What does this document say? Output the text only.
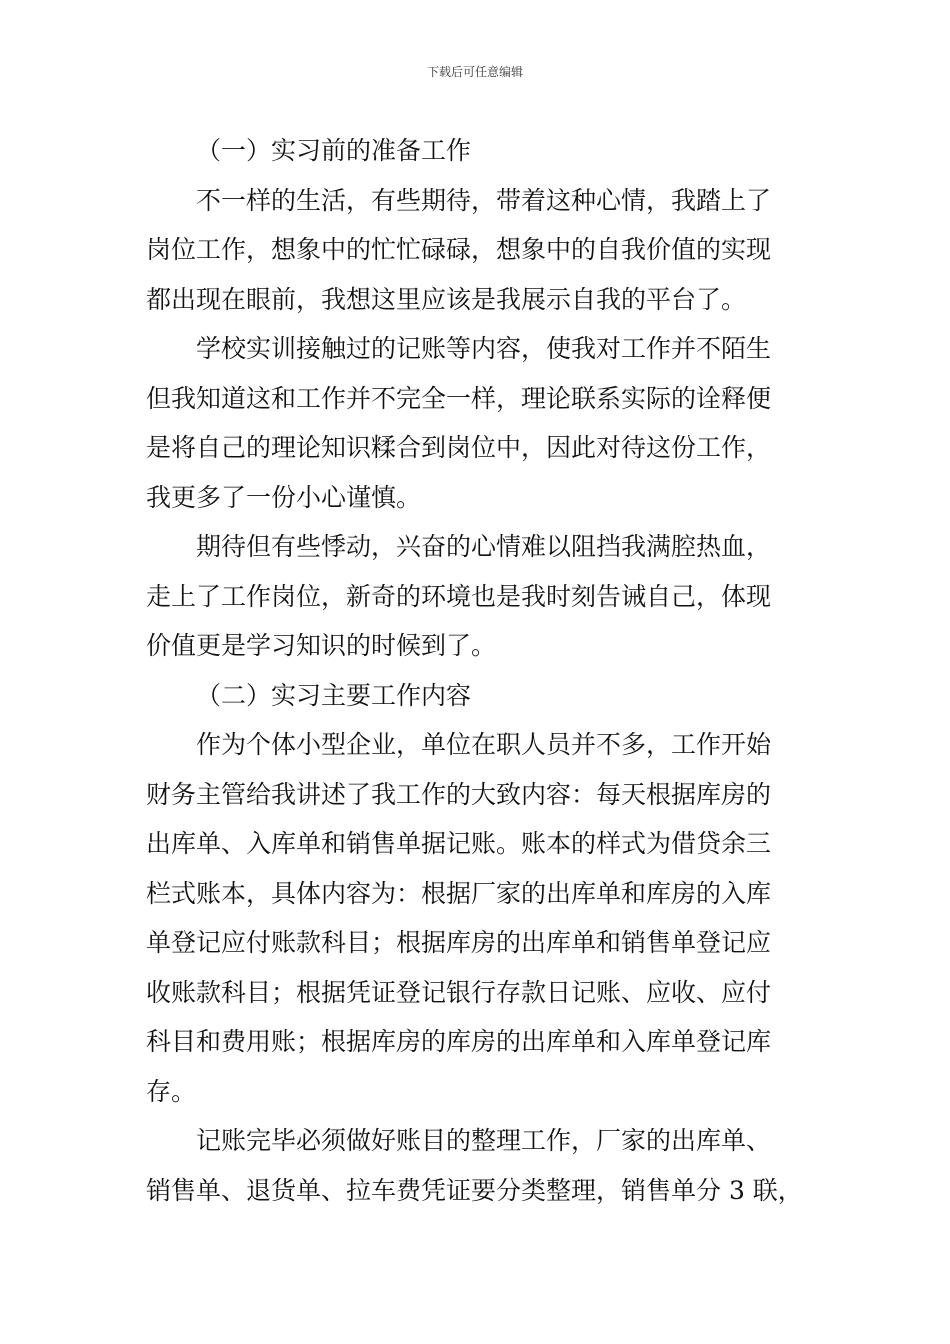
下载后可任意编辑
（一）实习前的准备工作
不一样的生活，有些期待，带着这种心情，我踏上了
岗位工作，想象中的忙忙碌碌，想象中的自我价值的实现
都出现在眼前，我想这里应该是我展示自我的平台了。
学校实训接触过的记账等内容，使我对工作并不陌生
但我知道这和工作并不完全一样，理论联系实际的诠释便
是将自己的理论知识糅合到岗位中，因此对待这份工作，
我更多了一份小心谨慎。
期待但有些悸动，兴奋的心情难以阻挡我满腔热血，
走上了工作岗位，新奇的环境也是我时刻告诫自己，体现
价值更是学习知识的时候到了。
（二）实习主要工作内容
作为个体小型企业，单位在职人员并不多，工作开始
财务主管给我讲述了我工作的大致内容：每天根据库房的
出库单、入库单和销售单据记账。账本的样式为借贷余三
栏式账本，具体内容为：根据厂家的出库单和库房的入库
单登记应付账款科目；根据库房的出库单和销售单登记应
收账款科目；根据凭证登记银行存款日记账、应收、应付
科目和费用账；根据库房的库房的出库单和入库单登记库
存。
记账完毕必须做好账目的整理工作，厂家的出库单、
销售单、退货单、拉车费凭证要分类整理，销售单分 3 联，
